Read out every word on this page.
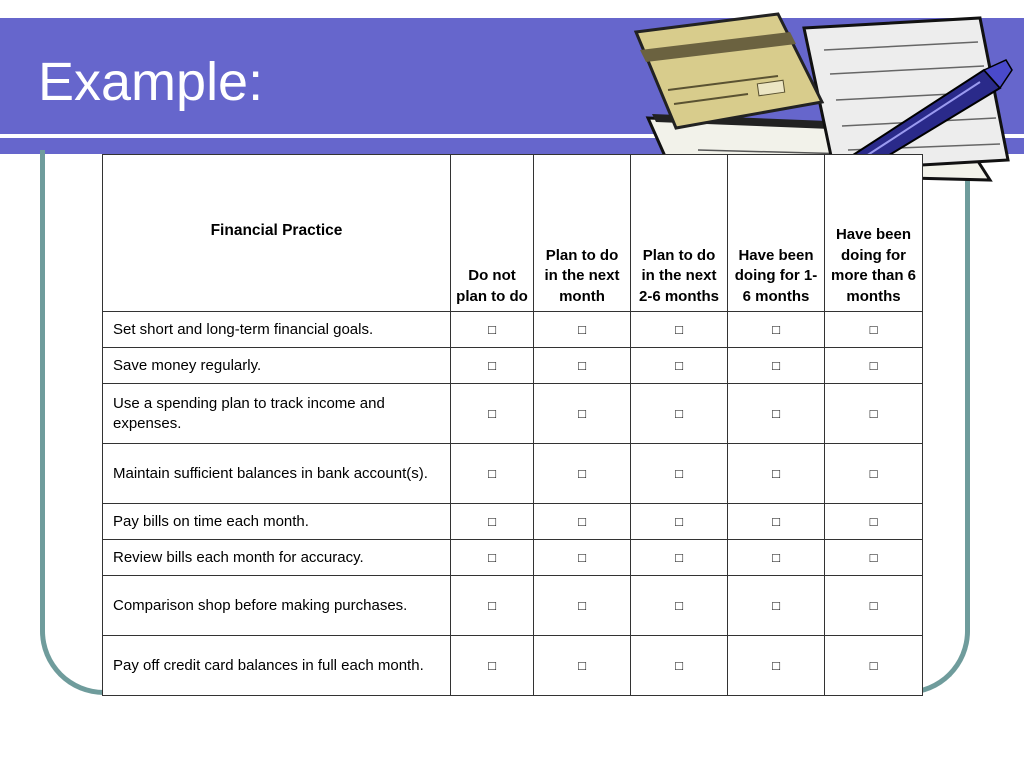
Example:
Financial Practice	Do not plan to do	Plan to do in the next month	Plan to do in the next 2-6 months	Have been doing for 1-6 months	Have been doing for more than 6 months
Set short and long-term financial goals.	□	□	□	□	□
Save money regularly.	□	□	□	□	□
Use a spending plan to track income and expenses.	□	□	□	□	□
Maintain sufficient balances in bank account(s).	□	□	□	□	□
Pay bills on time each month.	□	□	□	□	□
Review bills each month for accuracy.	□	□	□	□	□
Comparison shop before making purchases.	□	□	□	□	□
Pay off credit card balances in full each month.	□	□	□	□	□
